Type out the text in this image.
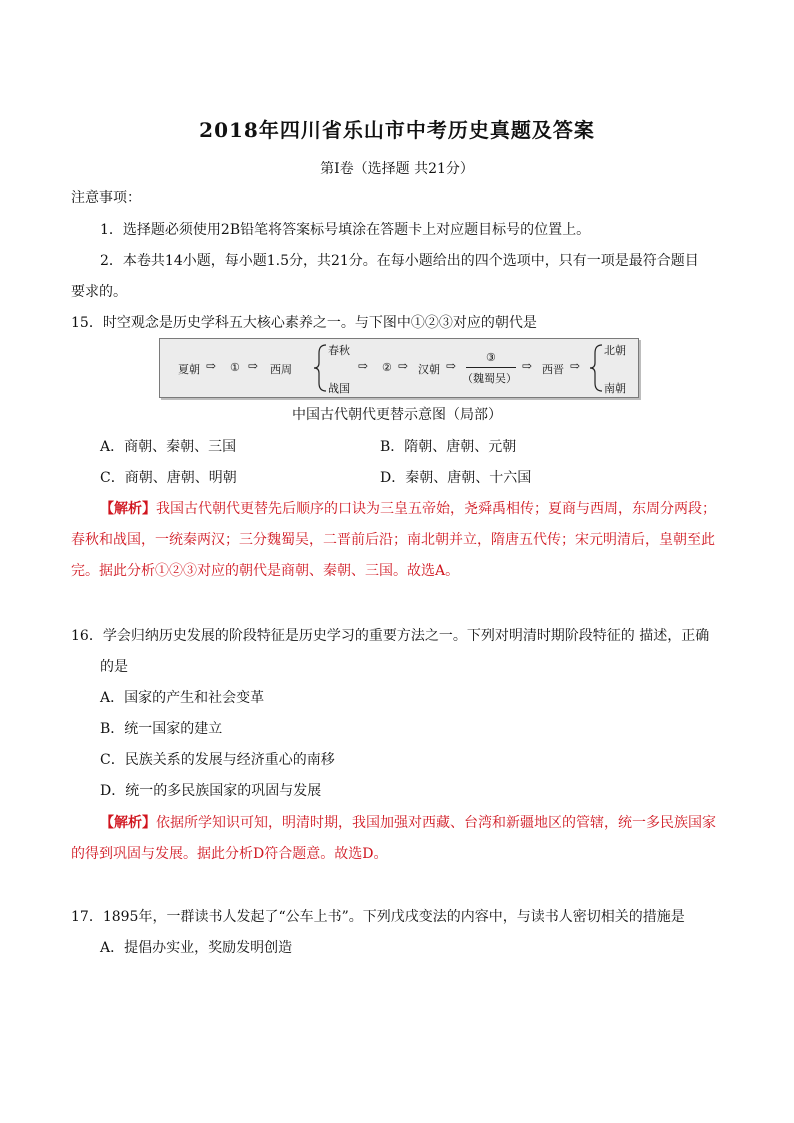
2018年四川省乐山市中考历史真题及答案
第Ⅰ卷（选择题 共21分）
注意事项：
1．选择题必须使用2B铅笔将答案标号填涂在答题卡上对应题目标号的位置上。
2．本卷共14小题，每小题1.5分，共21分。在每小题给出的四个选项中，只有一项是最符合题目
要求的。
15．时空观念是历史学科五大核心素养之一。与下图中①②③对应的朝代是
夏朝 ⇨ ① ⇨ 西周
春秋
战国
⇨ ② ⇨ 汉朝 ⇨
③
（魏蜀吴）
⇨ 西晋 ⇨
北朝
南朝
中国古代朝代更替示意图（局部）
A．商朝、秦朝、三国	B．隋朝、唐朝、元朝
C．商朝、唐朝、明朝	D．秦朝、唐朝、十六国
【解析】我国古代朝代更替先后顺序的口诀为三皇五帝始，尧舜禹相传；夏商与西周，东周分两段；
春秋和战国，一统秦两汉；三分魏蜀吴，二晋前后沿；南北朝并立，隋唐五代传；宋元明清后，皇朝至此
完。据此分析①②③对应的朝代是商朝、秦朝、三国。故选A。
16．学会归纳历史发展的阶段特征是历史学习的重要方法之一。下列对明清时期阶段特征的 描述，正确
的是
A．国家的产生和社会变革
B．统一国家的建立
C．民族关系的发展与经济重心的南移
D．统一的多民族国家的巩固与发展
【解析】依据所学知识可知，明清时期，我国加强对西藏、台湾和新疆地区的管辖，统一多民族国家
的得到巩固与发展。据此分析D符合题意。故选D。
17．1895年，一群读书人发起了“公车上书”。下列戊戌变法的内容中，与读书人密切相关的措施是
A．提倡办实业，奖励发明创造
